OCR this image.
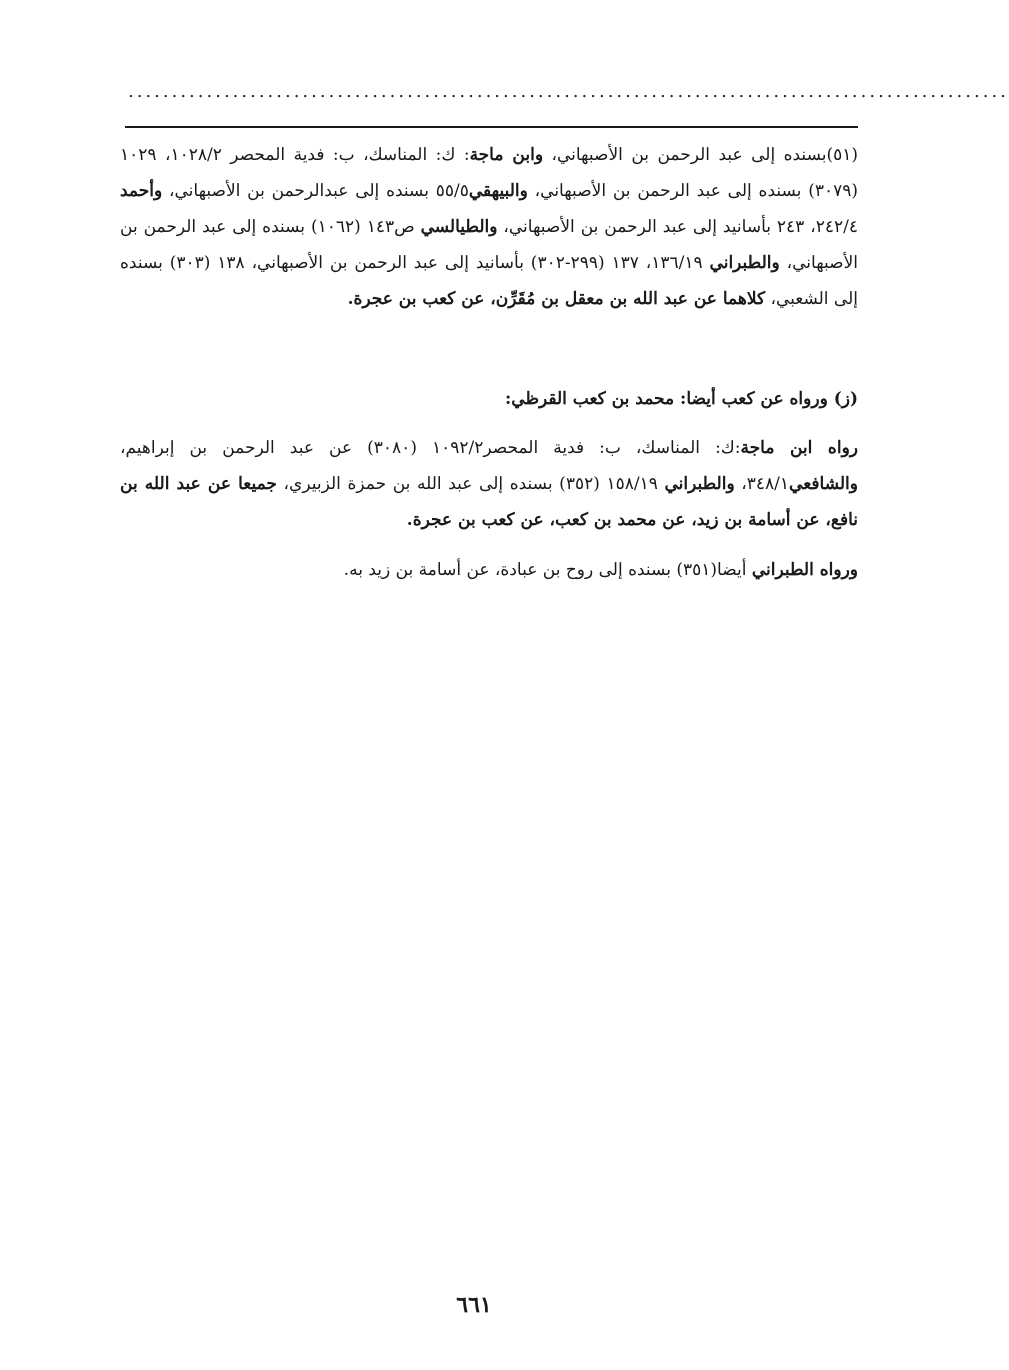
.....................................................................................................
(٥١)بسنده إلى عبد الرحمن بن الأصبهاني، وابن ماجة: ك: المناسك، ب: فدية المحصر ١٠٢٨/٢، ١٠٢٩ (٣٠٧٩) بسنده إلى عبد الرحمن بن الأصبهاني، والبيهقي٥٥/٥ بسنده إلى عبدالرحمن بن الأصبهاني، وأحمد ٢٤٢/٤، ٢٤٣ بأسانيد إلى عبد الرحمن بن الأصبهاني، والطيالسي ص١٤٣ (١٠٦٢) بسنده إلى عبد الرحمن بن الأصبهاني، والطبراني ١٣٦/١٩، ١٣٧ (٢٩٩-٣٠٢) بأسانيد إلى عبد الرحمن بن الأصبهاني، ١٣٨ (٣٠٣) بسنده إلى الشعبي، كلاهما عن عبد الله بن معقل بن مُقَرِّن، عن كعب بن عجرة.
(ز) ورواه عن كعب أيضا: محمد بن كعب القرظي:
رواه ابن ماجة:ك: المناسك، ب: فدية المحصر١٠٩٢/٢ (٣٠٨٠) عن عبد الرحمن بن إبراهيم، والشافعي٣٤٨/١، والطبراني ١٥٨/١٩ (٣٥٢) بسنده إلى عبد الله بن حمزة الزبيري، جميعا عن عبد الله بن نافع، عن أسامة بن زيد، عن محمد بن كعب، عن كعب بن عجرة.
ورواه الطبراني أيضا(٣٥١) بسنده إلى روح بن عبادة، عن أسامة بن زيد به.
٦٦١
